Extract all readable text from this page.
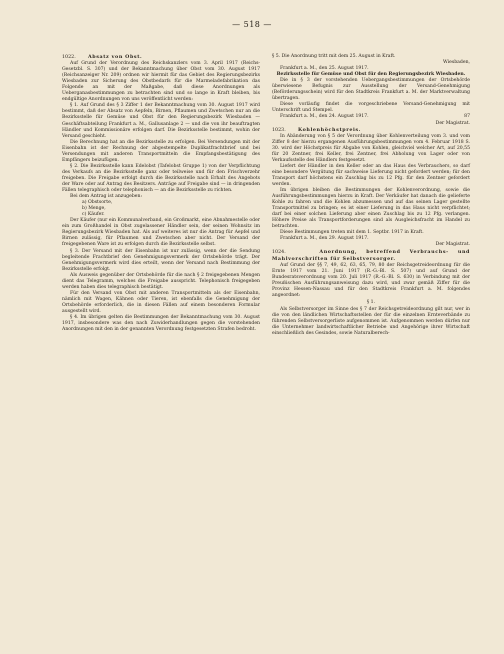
— 518 —

1022.	Absatz von Obst.

Auf Grund der Verordnung des Reichskanzlers vom 3. April 1917 (Reichs-Gesetzbl. S. 307) und der Bekanntmachung über Obst vom 30. August 1917 (Reichsanzeiger Nr. 209) ordnen wir hiermit für das Gebiet des Regierungsbezirks Wiesbaden zur Sicherung des Obstbedarfs für die Marmeladefabrikation das Folgende an mit der Maßgabe, daß diese Anordnungen als Ueberganasbestimmungen zu betrachten sind und so lange in Kraft bleiben, bis endgültige Anordnungen von uns veröffentlicht werden:

§ 1. Auf Grund des § 3 Ziffer 1 der Bekanntmachung vom 30. August 1917 wird bestimmt, daß der Absatz von Aepfeln, Birnen, Pflaumen und Zwetschen nur an die Bezirksstelle für Gemüse und Obst für den Regierungsbezirk Wiesbaden — Geschäftsabteilung Frankfurt a. M., Gallusanlage 2 — und die von ihr beauftragten Händler und Kommissionäre erfolgen darf. Die Bezirksstelle bestimmt, wohin der Versand geschieht.

Die Berechnung hat an die Bezirksstelle zu erfolgen. Bei Versendungen mit der Eisenbahn ist der Rechnung der abgestempelte Duplikatfrachtbrief und bei Versendungen mit anderen Transportmitteln die Empfangsbestätigung des Empfängers beizufügen.

§ 2. Die Bezirksstelle kann Edelobst (Tafelobst Gruppe 1) von der Verpflichtung des Verkaufs an die Bezirksstelle ganz oder teilweise und für den Frischverzehr freigeben. Die Freigabe erfolgt durch die Bezirksstelle nach Erhalt des Angebots der Ware oder auf Antrag des Besitzers. Anträge auf Freigabe sind — in dringenden Fällen telegraphisch oder telephonisch — an die Bezirksstelle zu richten.

Bei dem Antrag ist anzugeben:

a) Obstsorte,
b) Menge,
c) Käufer.

Der Käufer (nur ein Kommunalverband, ein Großmarkt, eine Abnahmestelle oder ein zum Großhandel in Obst zugelassener Händler sein, der seinen Wohnsitz im Regierungsbezirk Wiesbaden hat. Als auf weiteres ist nur die Antrag für Aepfel und Birnen zulässig, für Pflaumen und Zwetschen aber nicht. Der Versand der freigegebenen Ware ist zu erfolgen durch die Bezirksstelle selbst.

§ 3. Der Versand mit der Eisenbahn ist nur zulässig, wenn der die Sendung begleitende Frachtbrief den Genehmigungsvermerk der Ortsbehörde trägt. Der Genehmigungsvermerk wird dies erteilt, wenn der Versand nach Bestimmung der Bezirksstelle erfolgt.

Als Ausweis gegenüber der Ortsbehörde für die nach § 2 freigegebenen Mengen dient das Telegramm, welches die Freigabe ausspricht. Telephonisch freigegeben werden haben dies telegraphisch bestätigt.

Für den Versand von Obst mit anderen Transportmitteln als der Eisenbahn, nämlich mit Wagen, Kähnen oder Tieren, ist ebenfalls die Genehmigung der Ortsbehörde erforderlich, die in diesen Fällen auf einem besonderen Formular ausgestellt wird.

§ 4. Im übrigen gelten die Bestimmungen der Bekanntmachung vom 30. August 1917, insbesondere was den nach Zuwiderhandlungen gegen die vorstehenden Anordnungen mit den in der genannten Verordnung festgesetzten Strafen bedroht.

§ 5. Die Anordnung tritt mit dem 25. August in Kraft.

Wiesbaden,

Frankfurt a. M., den 25. August 1917.

Bezirksstelle für Gemüse und Obst für den Regierungsbezirk Wiesbaden.

Die in § 3 der vorstehenden Uebergangsbestimmungen der Ortsbehörde überwiesene Befugnis zur Ausstellung der Versand-Genehmigung (Beförderungsschein) wird für den Stadtkreis Frankfurt a. M. der Marktverwaltung übertragen.

Diese vorläufig findet die vorgeschriebene Versand-Genehmigung mit Unterschrift und Stempel.

Frankfurt a. M., den 24. August 1917.	87

Der Magistrat.

1023.	Kohlenhöchstpreis.

In Abänderung von § 5 der Verordnung über Kohlenverteilung vom 3. und vom Ziffer 8 der hierzu ergangenen Ausführungsbestimmungen vom 4. Februar 1918 S. 30. wird der Höchstpreis für Abgabe von Kohlen, gleichviel welcher Art, auf 20,55 für 20 Zentner, frei Keller, frei Zentner, frei Abholung von Lager oder von Verkaufsstelle des Händlers festgesetzt.

Liefert der Händler in den Keller oder an das Haus des Verbrauchers, so darf eine besondere Vergütung für sachweise Lieferung nicht gefordert werden; für den Transport darf höchstens ein Zuschlag bis zu 12 Pfg. für den Zentner gefordert werden.

Im übrigen bleiben die Bestimmungen der Kohlenverordnung, sowie die Ausführungsbestimmungen hierzu in Kraft. Der Verkäufer hat danach die gelieferte Kohle zu fahren und die Kohlen abzumessen und auf das seinen Lager gestellte Transportmittel zu bringen; es ist einer Lieferung in das Haus nicht verpflichtet; darf bei einer solchen Lieferung aber einen Zuschlag bis zu 12 Pfg. verlangen. Höhere Preise als Transportforderungen sind als Ausgleichsfracht im Handel zu betrachten.

Diese Bestimmungen treten mit dem 1. Septbr. 1917 in Kraft.

Frankfurt a. M., den 29. August 1917.

Der Magistrat.

1024.	Anordnung, betreffend Verbrauchs- und Mahlvorschriften für Selbstversorger.

Auf Grund der §§ 7, 49, 62, 63, 65, 79, 80 der Reichsgetreideordnung für die Ernte 1917 vom 21. Juni 1917 (R.-G.-Bl. S. 507) und auf Grund der Bundesratsverordnung vom 20. Juli 1917 (R.-G.-Bl. S. 630) in Verbindung mit der Preußischen Ausführungsanweisung dazu wird, und zwar gemäß Ziffer für die Provinz Hessen-Nassau und für den Stadtkreis Frankfurt a. M. folgendes angeordnet:

§ 1.

Als Selbstversorger im Sinne des § 7 der Reichsgetreideordnung gilt nur, wer in die von den ländlichen Wirtschaftsstellen der für die einzelnen Ernteverbände zu führenden Selbstversorgerliste aufgenommen ist. Aufgenommen werden dürfen nur die Unternehmer landwirtschaftlicher Betriebe und Angehörige ihrer Wirtschaft einschließlich des Gesindes, sowie Naturalberech-
